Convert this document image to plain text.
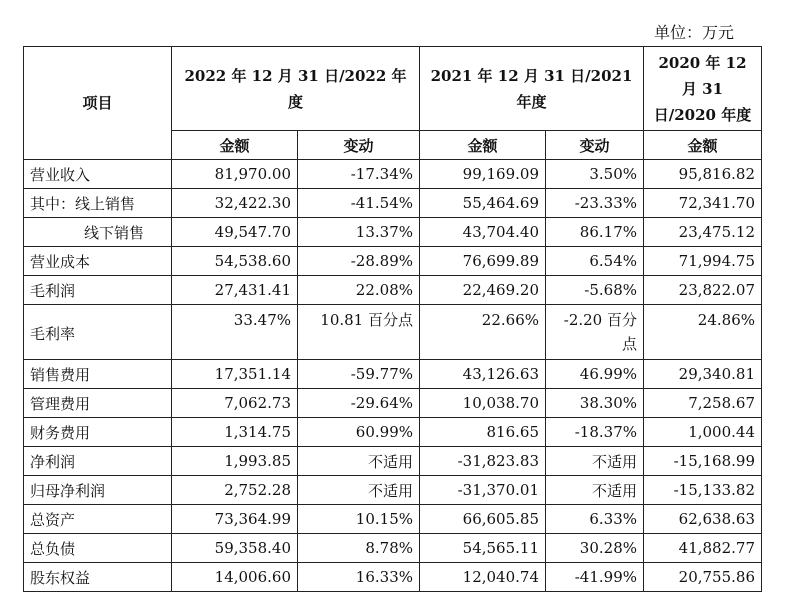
单位：万元
项目	2022 年 12 月 31 日/2022 年度		2021 年 12 月 31 日/2021 年度		2020 年 12 月 31 日/2020 年度
	金额	变动	金额	变动	金额
营业收入	81,970.00	-17.34%	99,169.09	3.50%	95,816.82
其中：线上销售	32,422.30	-41.54%	55,464.69	-23.33%	72,341.70
线下销售	49,547.70	13.37%	43,704.40	86.17%	23,475.12
营业成本	54,538.60	-28.89%	76,699.89	6.54%	71,994.75
毛利润	27,431.41	22.08%	22,469.20	-5.68%	23,822.07
毛利率	33.47%	10.81 百分点	22.66%	-2.20 百分点	24.86%
销售费用	17,351.14	-59.77%	43,126.63	46.99%	29,340.81
管理费用	7,062.73	-29.64%	10,038.70	38.30%	7,258.67
财务费用	1,314.75	60.99%	816.65	-18.37%	1,000.44
净利润	1,993.85	不适用	-31,823.83	不适用	-15,168.99
归母净利润	2,752.28	不适用	-31,370.01	不适用	-15,133.82
总资产	73,364.99	10.15%	66,605.85	6.33%	62,638.63
总负债	59,358.40	8.78%	54,565.11	30.28%	41,882.77
股东权益	14,006.60	16.33%	12,040.74	-41.99%	20,755.86
